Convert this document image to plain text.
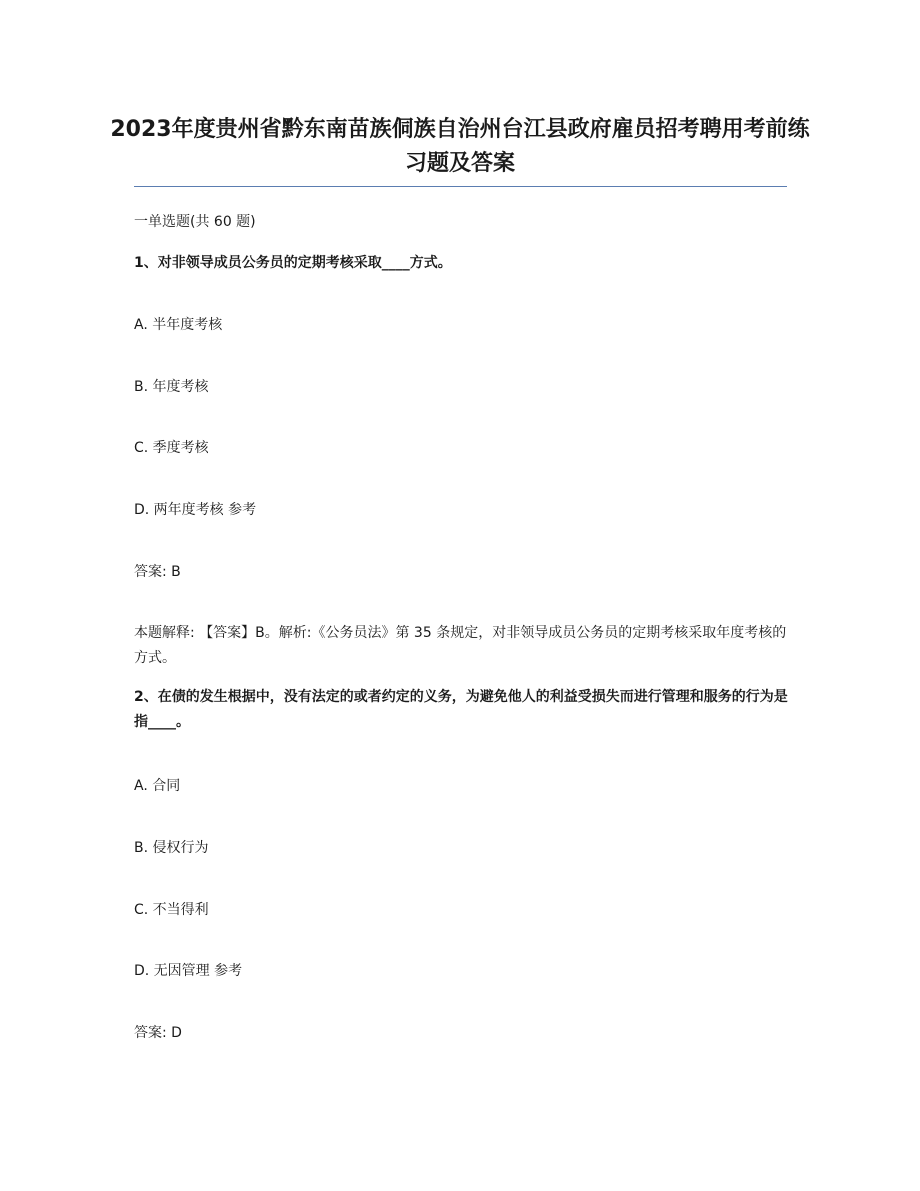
2023年度贵州省黔东南苗族侗族自治州台江县政府雇员招考聘用考前练习题及答案
一单选题(共 60 题)
1、对非领导成员公务员的定期考核采取____方式。
A. 半年度考核
B. 年度考核
C. 季度考核
D. 两年度考核 参考
答案: B
本题解释: 【答案】B。解析:《公务员法》第 35 条规定，对非领导成员公务员的定期考核采取年度考核的方式。
2、在债的发生根据中，没有法定的或者约定的义务，为避免他人的利益受损失而进行管理和服务的行为是指____。
A. 合同
B. 侵权行为
C. 不当得利
D. 无因管理 参考
答案: D
